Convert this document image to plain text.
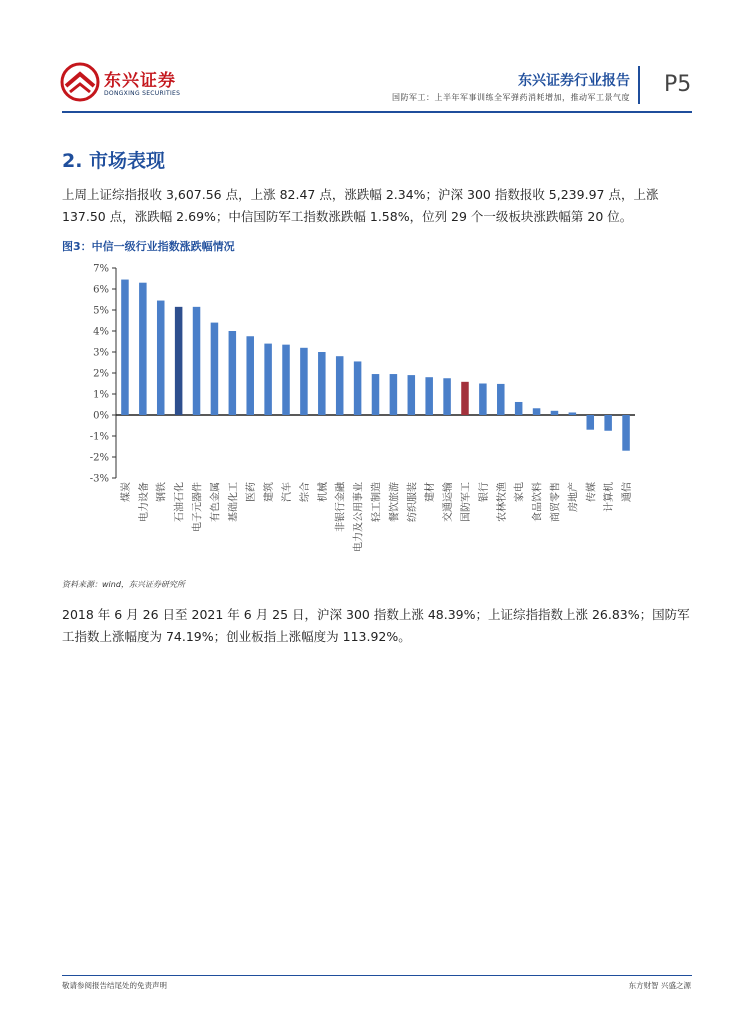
东兴证券
DONGXING SECURITIES
东兴证券行业报告
国防军工：上半年军事训练全军弹药消耗增加，推动军工景气度
P5
2. 市场表现
上周上证综指报收 3,607.56 点，上涨 82.47 点，涨跌幅 2.34%；沪深 300 指数报收 5,239.97 点，上涨 137.50 点，涨跌幅 2.69%；中信国防军工指数涨跌幅 1.58%，位列 29 个一级板块涨跌幅第 20 位。
图3：中信一级行业指数涨跌幅情况
7%
6%
5%
4%
3%
2%
1%
0%
-1%
-2%
-3%
煤炭 电力设备 钢铁 石油石化 电子元器件 有色金属 基础化工 医药 建筑 汽车 综合 机械 非银行金融 电力及公用事业 轻工制造 餐饮旅游 纺织服装 建材 交通运输 国防军工 银行 农林牧渔 家电 食品饮料 商贸零售 房地产 传媒 计算机 通信
资料来源：wind，东兴证券研究所
2018 年 6 月 26 日至 2021 年 6 月 25 日，沪深 300 指数上涨 48.39%；上证综指指数上涨 26.83%；国防军工指数上涨幅度为 74.19%；创业板指上涨幅度为 113.92%。
敬请参阅报告结尾处的免责声明	东方财智 兴盛之源
